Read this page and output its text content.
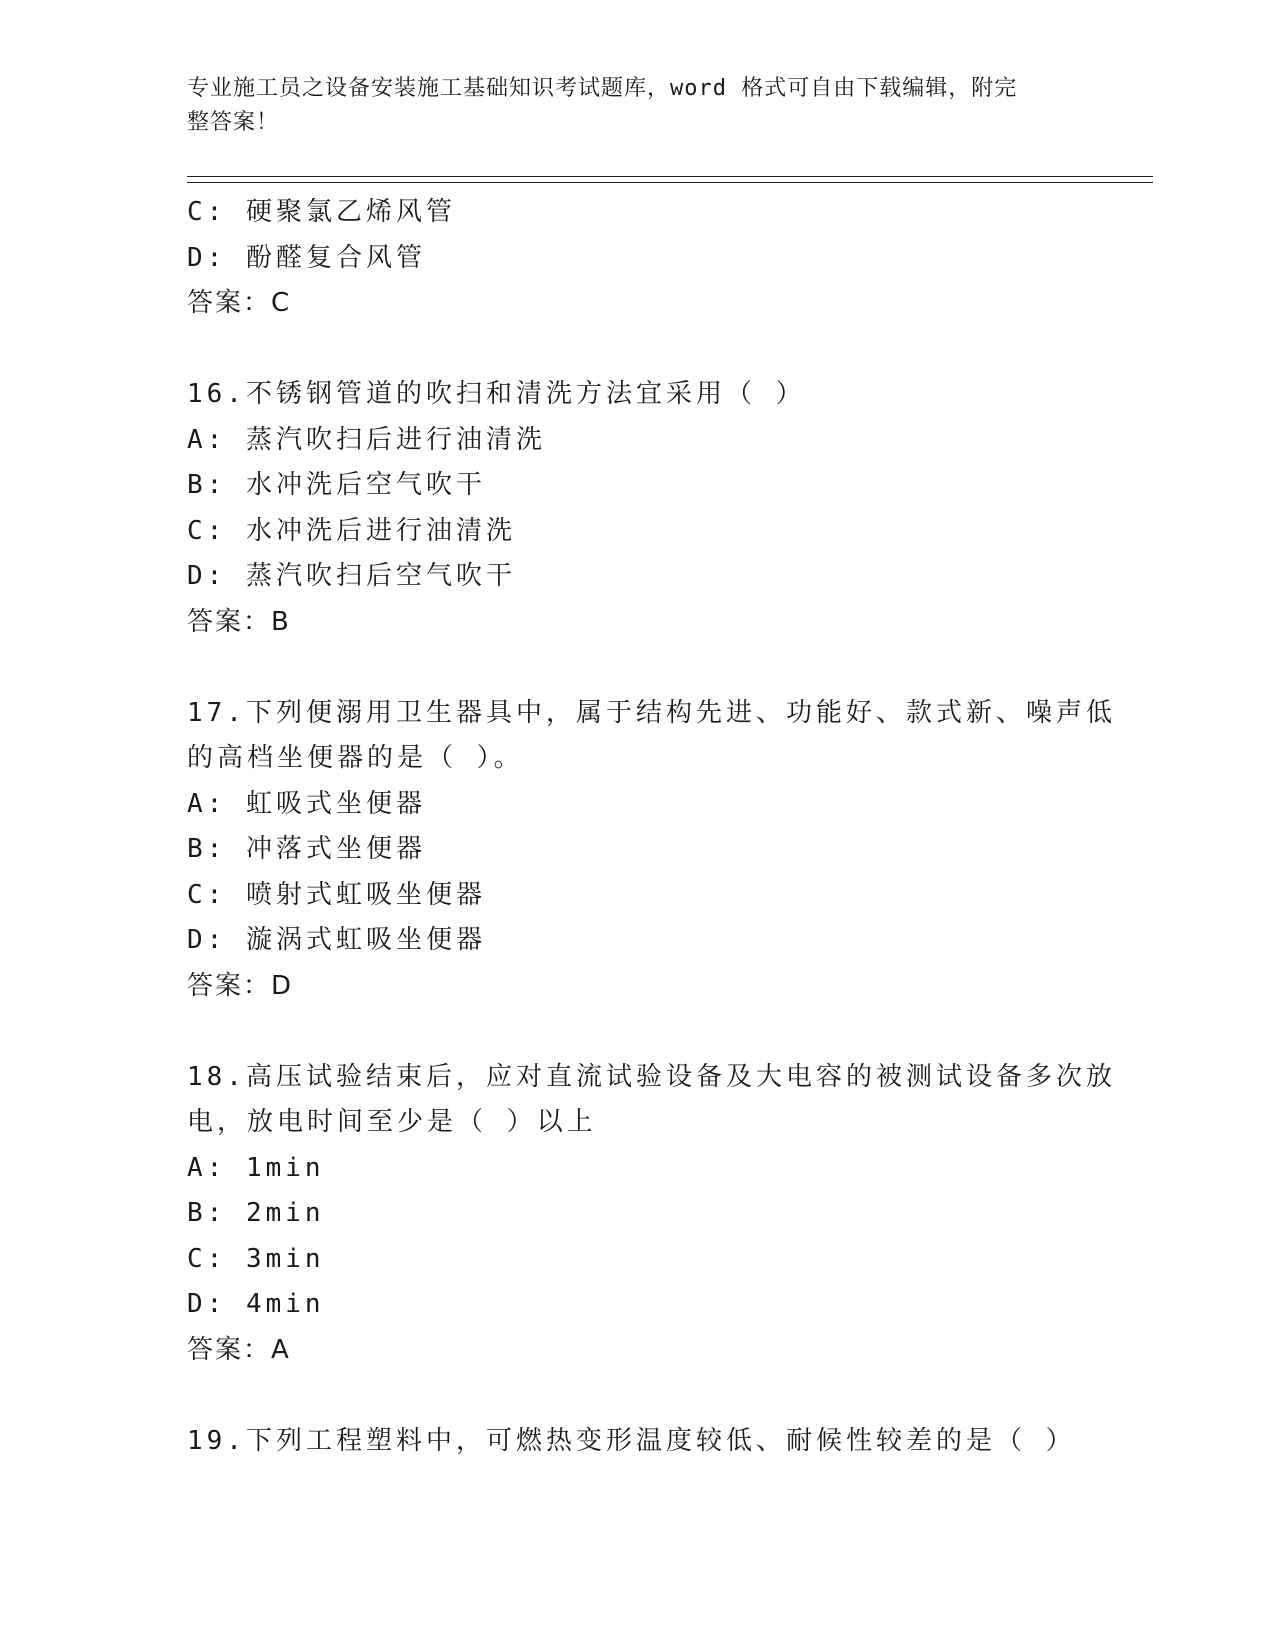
专业施工员之设备安装施工基础知识考试题库，word 格式可自由下载编辑，附完
整答案！
C: 硬聚氯乙烯风管
D: 酚醛复合风管
答案：C
16.不锈钢管道的吹扫和清洗方法宜采用（ ）
A: 蒸汽吹扫后进行油清洗
B: 水冲洗后空气吹干
C: 水冲洗后进行油清洗
D: 蒸汽吹扫后空气吹干
答案：B
17.下列便溺用卫生器具中，属于结构先进、功能好、款式新、噪声低
的高档坐便器的是（ ）。
A: 虹吸式坐便器
B: 冲落式坐便器
C: 喷射式虹吸坐便器
D: 漩涡式虹吸坐便器
答案：D
18.高压试验结束后，应对直流试验设备及大电容的被测试设备多次放
电，放电时间至少是（ ）以上
A: 1min
B: 2min
C: 3min
D: 4min
答案：A
19.下列工程塑料中，可燃热变形温度较低、耐候性较差的是（ ）
